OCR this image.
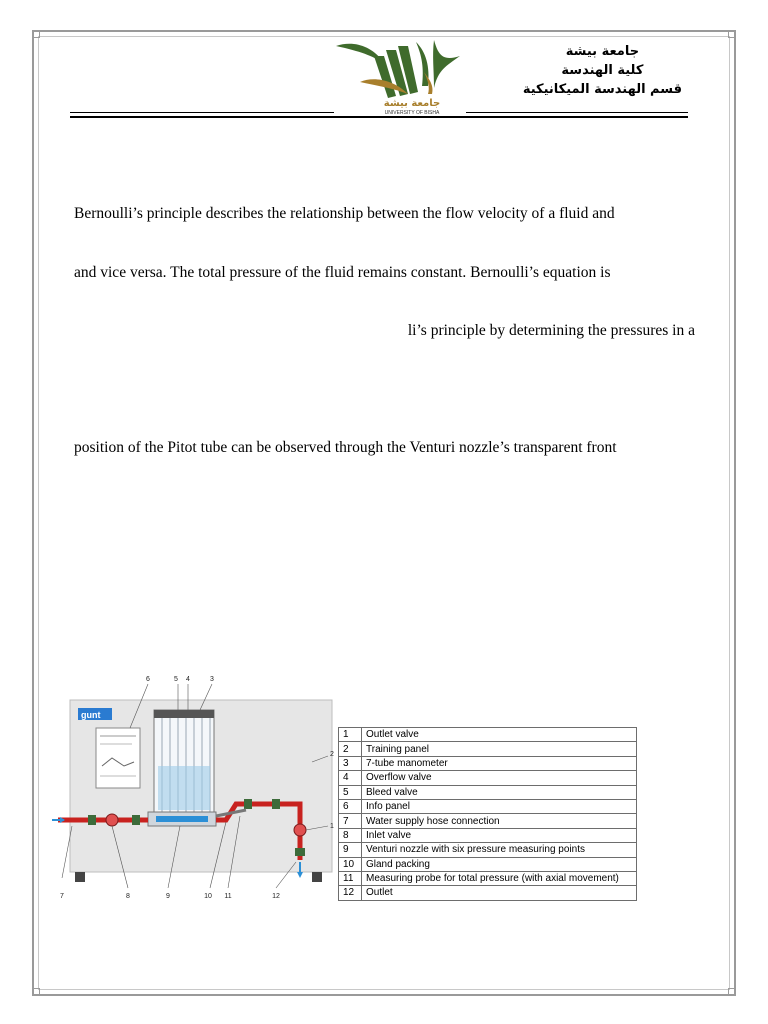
جامعة بيشة
كلية الهندسة
قسم الهندسة الميكانيكية
جامعة بيشة
UNIVERSITY OF BISHA
Bernoulli’s principle describes the relationship between the flow velocity of a fluid and
and vice versa. The total pressure of the fluid remains constant. Bernoulli’s equation is
li’s principle by determining the pressures in a
position of the Pitot tube can be observed through the Venturi nozzle’s transparent front
gunt
6	5 4	3
2
1
7	8	9	10 11	12
1	Outlet valve
2	Training panel
3	7-tube manometer
4	Overflow valve
5	Bleed valve
6	Info panel
7	Water supply hose connection
8	Inlet valve
9	Venturi nozzle with six pressure measuring points
10	Gland packing
11	Measuring probe for total pressure (with axial movement)
12	Outlet
